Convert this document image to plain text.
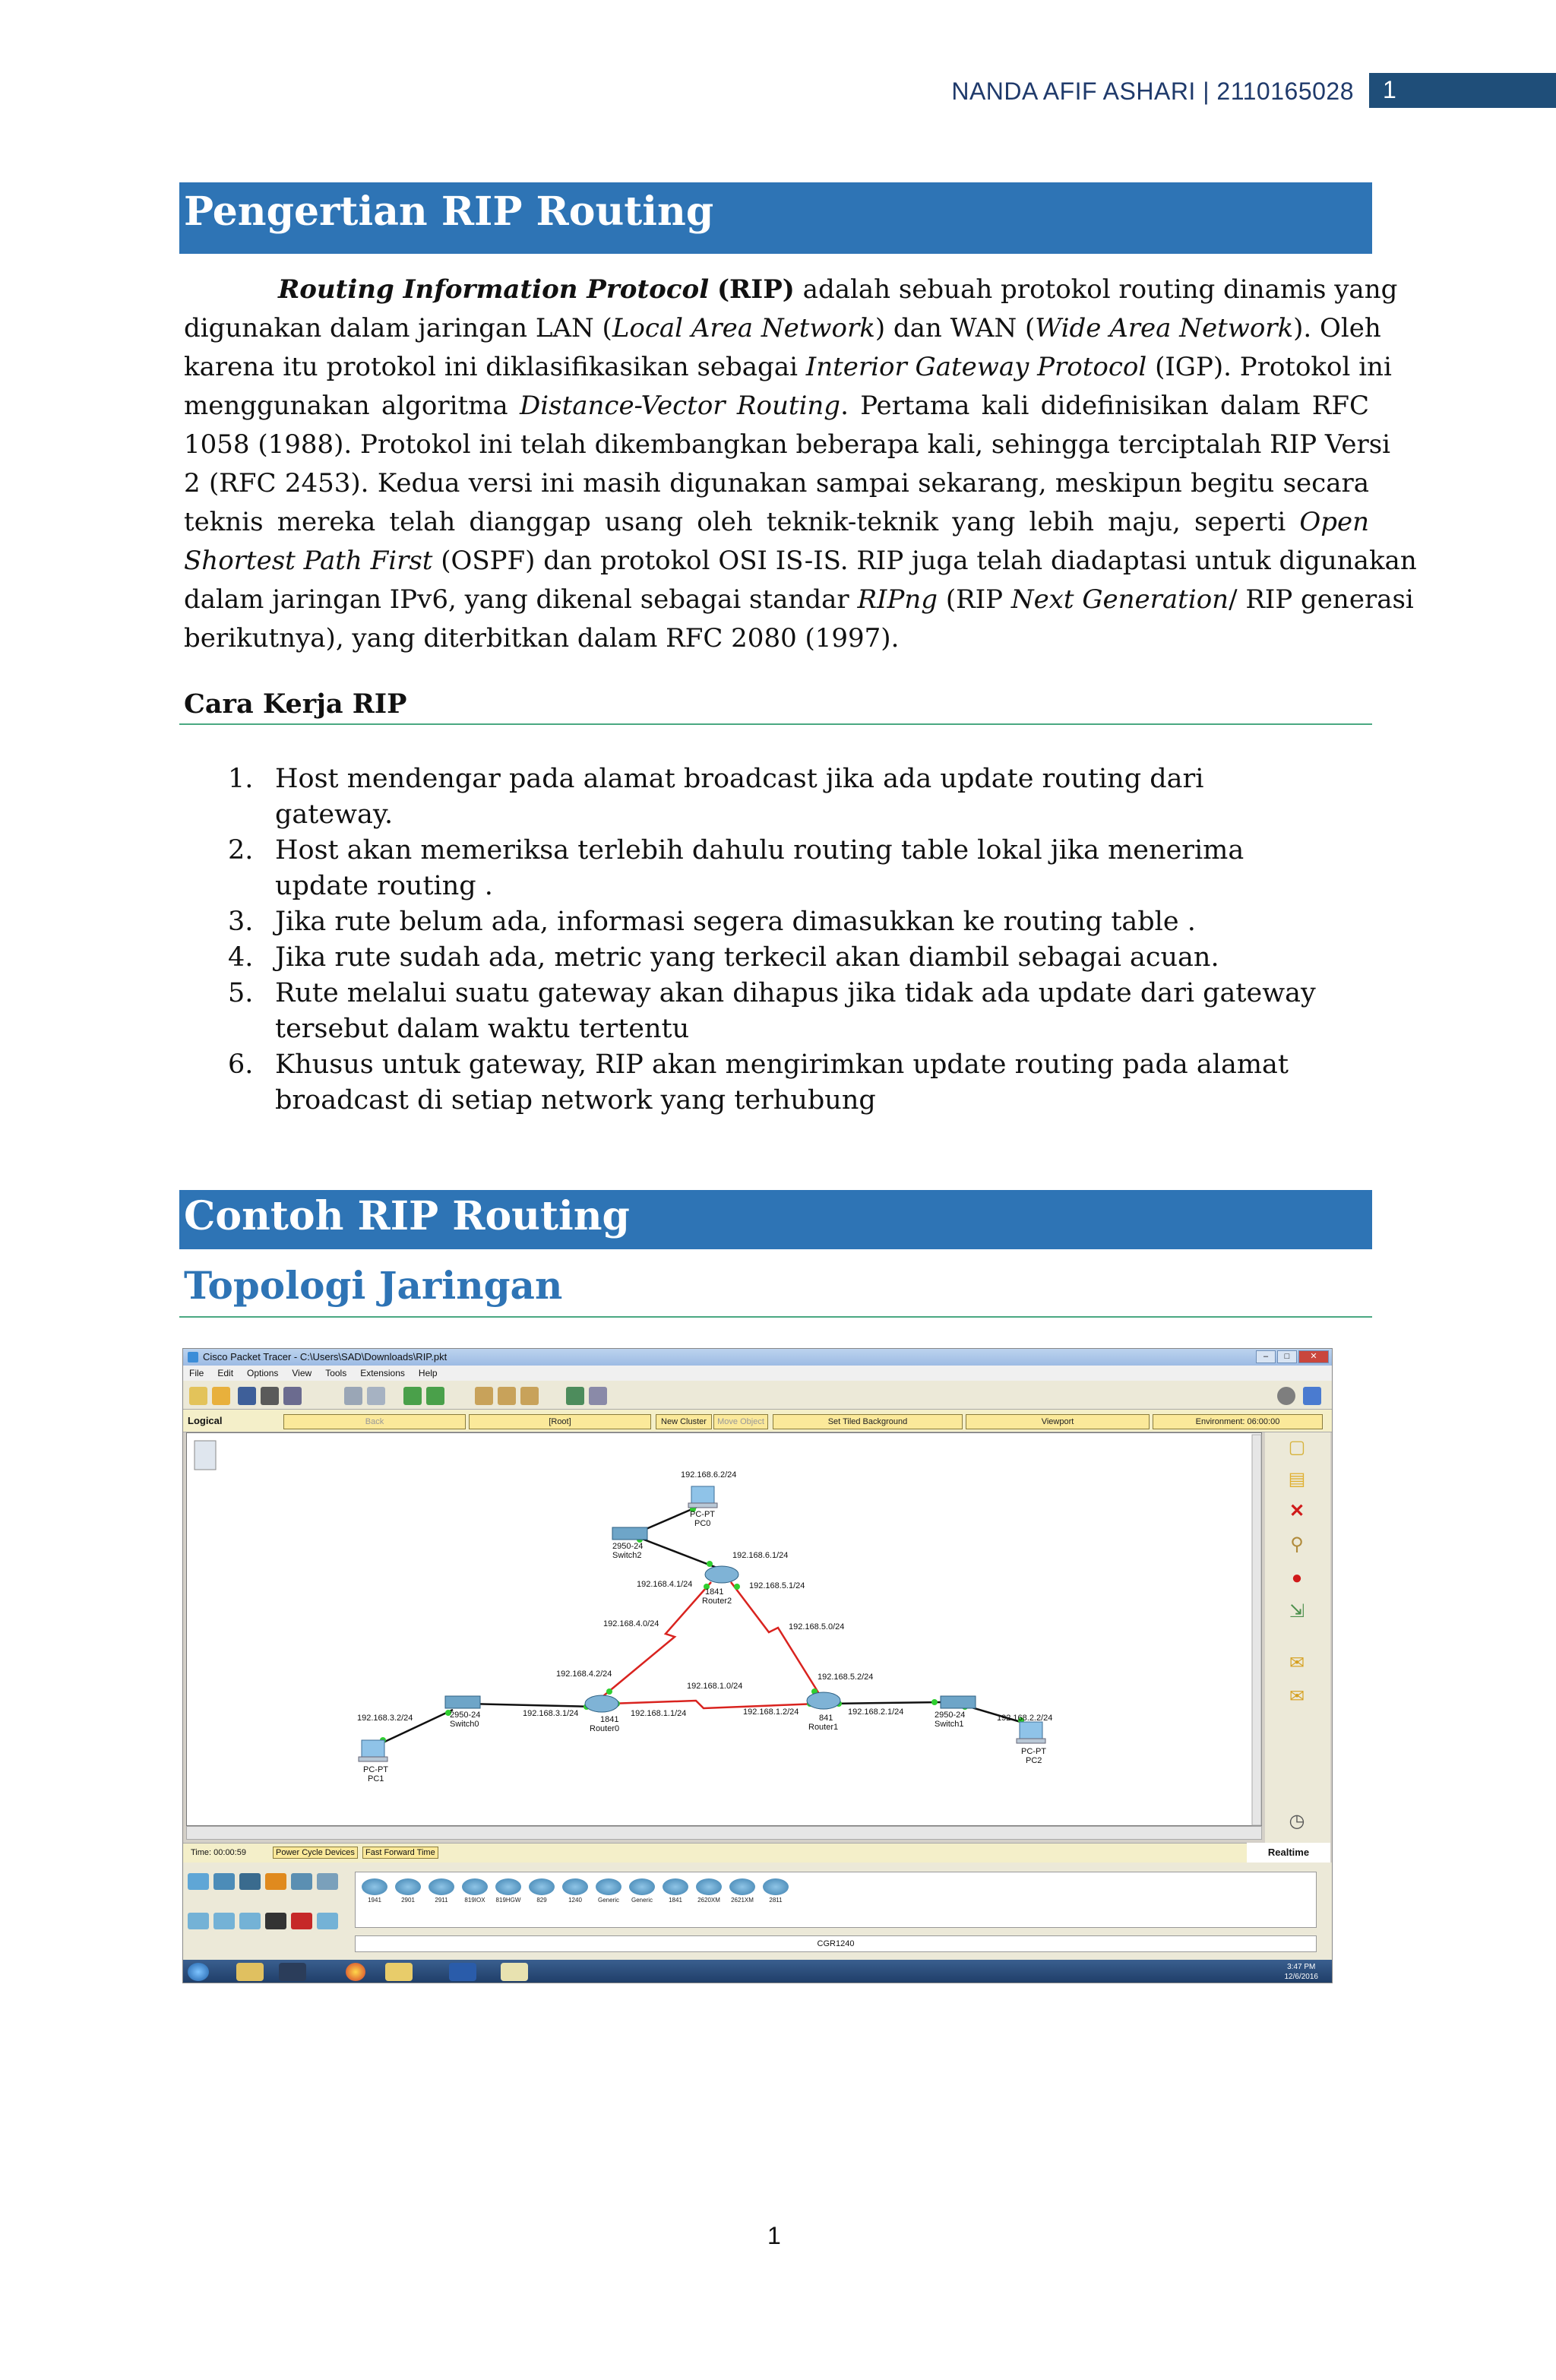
NANDA AFIF ASHARI | 2110165028 1
Pengertian RIP Routing
Routing Information Protocol (RIP) adalah sebuah protokol routing dinamis yang
digunakan dalam jaringan LAN (Local Area Network) dan WAN (Wide Area Network). Oleh
karena itu protokol ini diklasifikasikan sebagai Interior Gateway Protocol (IGP). Protokol ini
menggunakan algoritma Distance-Vector Routing. Pertama kali didefinisikan dalam RFC
1058 (1988). Protokol ini telah dikembangkan beberapa kali, sehingga terciptalah RIP Versi
2 (RFC 2453). Kedua versi ini masih digunakan sampai sekarang, meskipun begitu secara
teknis mereka telah dianggap usang oleh teknik-teknik yang lebih maju, seperti Open
Shortest Path First (OSPF) dan protokol OSI IS-IS. RIP juga telah diadaptasi untuk digunakan
dalam jaringan IPv6, yang dikenal sebagai standar RIPng (RIP Next Generation/ RIP generasi
berikutnya), yang diterbitkan dalam RFC 2080 (1997).
Cara Kerja RIP
1. Host mendengar pada alamat broadcast jika ada update routing dari gateway.
2. Host akan memeriksa terlebih dahulu routing table lokal jika menerima update routing .
3. Jika rute belum ada, informasi segera dimasukkan ke routing table .
4. Jika rute sudah ada, metric yang terkecil akan diambil sebagai acuan.
5. Rute melalui suatu gateway akan dihapus jika tidak ada update dari gateway tersebut dalam waktu tertentu
6. Khusus untuk gateway, RIP akan mengirimkan update routing pada alamat broadcast di setiap network yang terhubung
Contoh RIP Routing
Topologi Jaringan
Cisco Packet Tracer - C:\Users\SAD\Downloads\RIP.pkt	–	□	✕
File Edit Options View Tools Extensions Help
Logical	Back	[Root]	New Cluster	Move Object	Set Tiled Background	Viewport	Environment: 06:00:00
PC-PT
PC0
2950-24
Switch2
1841
Router2
1841
Router0
841
Router1
2950-24
Switch0
2950-24
Switch1
PC-PT
PC1
PC-PT
PC2
192.168.6.2/24
192.168.6.1/24
192.168.4.1/24	192.168.5.1/24
192.168.4.0/24	192.168.5.0/24
192.168.4.2/24	192.168.5.2/24
192.168.1.0/24
192.168.3.1/24	192.168.1.1/24	192.168.1.2/24	192.168.2.1/24
192.168.3.2/24	192.168.2.2/24
▢
▤
✕
⚲
●
⇲
✉
✉
◷
Time: 00:00:59	Power Cycle Devices	Fast Forward Time	Realtime
1941	2901	2911	819IOX	819HGW	829	1240	Generic	Generic	1841	2620XM	2621XM	2811
CGR1240
3:47 PM
12/6/2016
1
